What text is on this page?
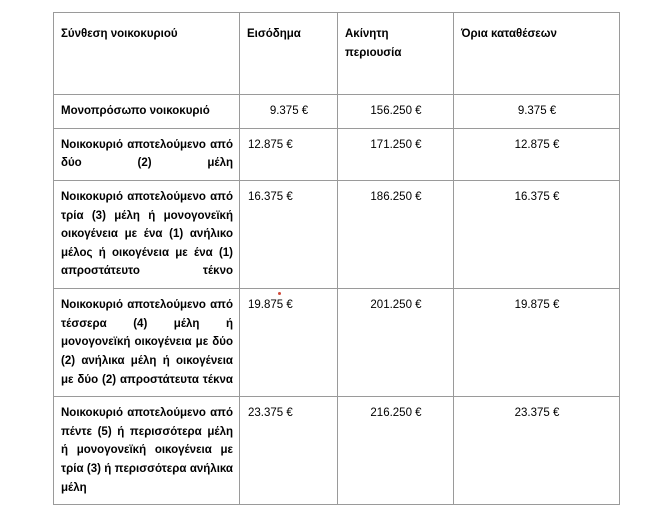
Σύνθεση νοικοκυριού	Εισόδημα	Ακίνητη περιουσία	Όρια καταθέσεων
Μονοπρόσωπο νοικοκυριό	9.375 €	156.250 €	9.375 €
Νοικοκυριό αποτελούμενο από δύο (2) μέλη	12.875 €	171.250 €	12.875 €
Νοικοκυριό αποτελούμενο από τρία (3) μέλη ή μονογονεϊκή οικογένεια με ένα (1) ανήλικο μέλος ή οικογένεια με ένα (1) απροστάτευτο τέκνο	16.375 €	186.250 €	16.375 €
Νοικοκυριό αποτελούμενο από τέσσερα (4) μέλη ή μονογονεϊκή οικογένεια με δύο (2) ανήλικα μέλη ή οικογένεια με δύο (2) απροστάτευτα τέκνα	19.875 €	201.250 €	19.875 €
Νοικοκυριό αποτελούμενο από πέντε (5) ή περισσότερα μέλη ή μονογονεϊκή οικογένεια με τρία (3) ή περισσότερα ανήλικα μέλη	23.375 €	216.250 €	23.375 €
